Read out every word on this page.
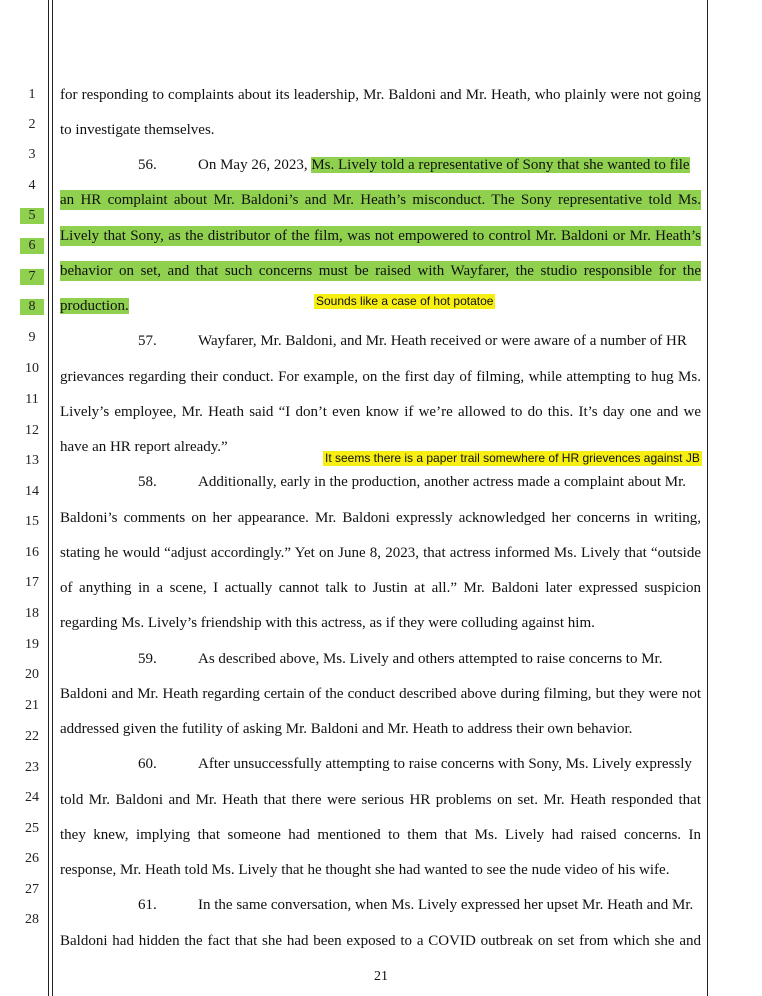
1
2
3
4
5
6
7
8
9
10
11
12
13
14
15
16
17
18
19
20
21
22
23
24
25
26
27
28
for responding to complaints about its leadership, Mr. Baldoni and Mr. Heath, who plainly were not going
to investigate themselves.
56.	On May 26, 2023, Ms. Lively told a representative of Sony that she wanted to file
an HR complaint about Mr. Baldoni’s and Mr. Heath’s misconduct. The Sony representative told Ms.
Lively that Sony, as the distributor of the film, was not empowered to control Mr. Baldoni or Mr. Heath’s
behavior on set, and that such concerns must be raised with Wayfarer, the studio responsible for the
production.	Sounds like a case of hot potatoe
57.	Wayfarer, Mr. Baldoni, and Mr. Heath received or were aware of a number of HR
grievances regarding their conduct. For example, on the first day of filming, while attempting to hug Ms.
Lively’s employee, Mr. Heath said “I don’t even know if we’re allowed to do this. It’s day one and we
have an HR report already.”
It seems there is a paper trail somewhere of HR grievences against JB
58.	Additionally, early in the production, another actress made a complaint about Mr.
Baldoni’s comments on her appearance. Mr. Baldoni expressly acknowledged her concerns in writing,
stating he would “adjust accordingly.” Yet on June 8, 2023, that actress informed Ms. Lively that “outside
of anything in a scene, I actually cannot talk to Justin at all.” Mr. Baldoni later expressed suspicion
regarding Ms. Lively’s friendship with this actress, as if they were colluding against him.
59.	As described above, Ms. Lively and others attempted to raise concerns to Mr.
Baldoni and Mr. Heath regarding certain of the conduct described above during filming, but they were not
addressed given the futility of asking Mr. Baldoni and Mr. Heath to address their own behavior.
60.	After unsuccessfully attempting to raise concerns with Sony, Ms. Lively expressly
told Mr. Baldoni and Mr. Heath that there were serious HR problems on set. Mr. Heath responded that
they knew, implying that someone had mentioned to them that Ms. Lively had raised concerns. In
response, Mr. Heath told Ms. Lively that he thought she had wanted to see the nude video of his wife.
61.	In the same conversation, when Ms. Lively expressed her upset Mr. Heath and Mr.
Baldoni had hidden the fact that she had been exposed to a COVID outbreak on set from which she and
21
